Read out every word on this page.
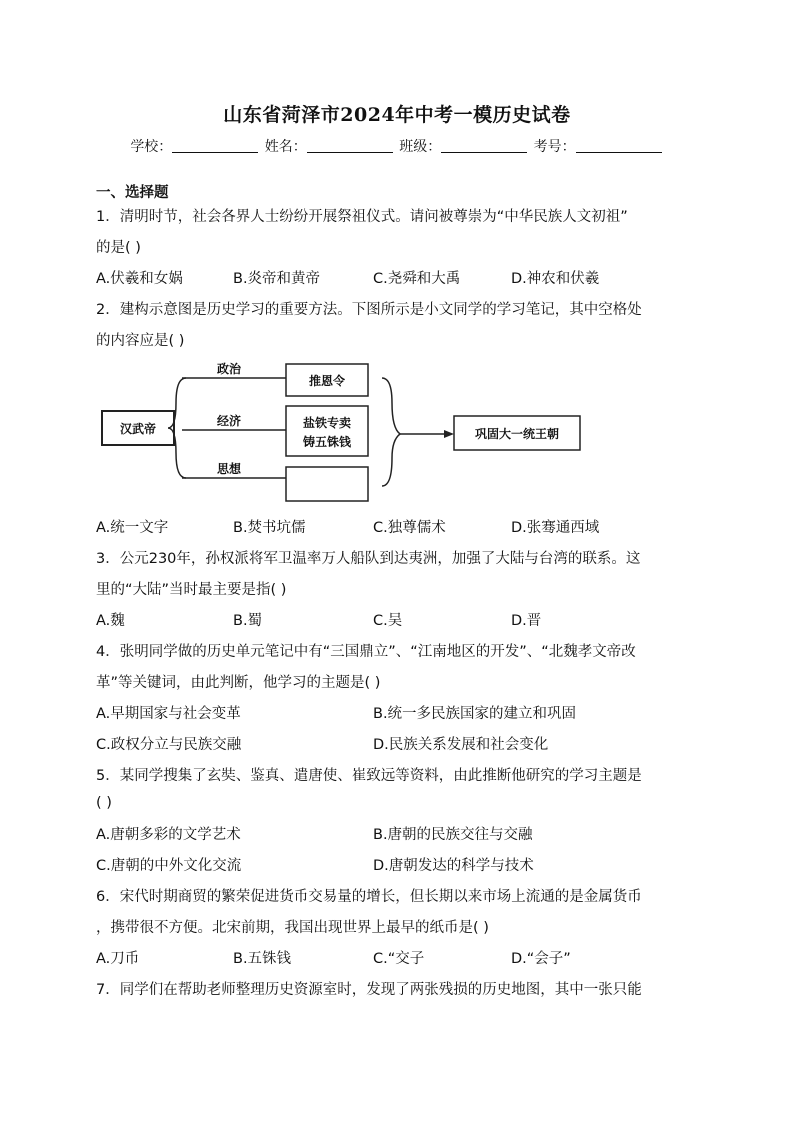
山东省菏泽市2024年中考一模历史试卷
学校：	姓名：	班级：	考号：
一、选择题
1．清明时节，社会各界人士纷纷开展祭祖仪式。请问被尊崇为“中华民族人文初祖”
的是( )
A.伏羲和女娲	B.炎帝和黄帝	C.尧舜和大禹	D.神农和伏羲
2．建构示意图是历史学习的重要方法。下图所示是小文同学的学习笔记，其中空格处
的内容应是( )
汉武帝
政治
经济
思想
推恩令
盐铁专卖
铸五铢钱
巩固大一统王朝
A.统一文字	B.焚书坑儒	C.独尊儒术	D.张骞通西域
3．公元230年，孙权派将军卫温率万人船队到达夷洲，加强了大陆与台湾的联系。这
里的“大陆”当时最主要是指( )
A.魏	B.蜀	C.吴	D.晋
4．张明同学做的历史单元笔记中有“三国鼎立”、“江南地区的开发”、“北魏孝文帝改
革”等关键词，由此判断，他学习的主题是( )
A.早期国家与社会变革	B.统一多民族国家的建立和巩固
C.政权分立与民族交融	D.民族关系发展和社会变化
5．某同学搜集了玄奘、鉴真、遣唐使、崔致远等资料，由此推断他研究的学习主题是
( )
A.唐朝多彩的文学艺术	B.唐朝的民族交往与交融
C.唐朝的中外文化交流	D.唐朝发达的科学与技术
6．宋代时期商贸的繁荣促进货币交易量的增长，但长期以来市场上流通的是金属货币
，携带很不方便。北宋前期，我国出现世界上最早的纸币是( )
A.刀币	B.五铢钱	C.“交子	D.“会子”
7．同学们在帮助老师整理历史资源室时，发现了两张残损的历史地图，其中一张只能
